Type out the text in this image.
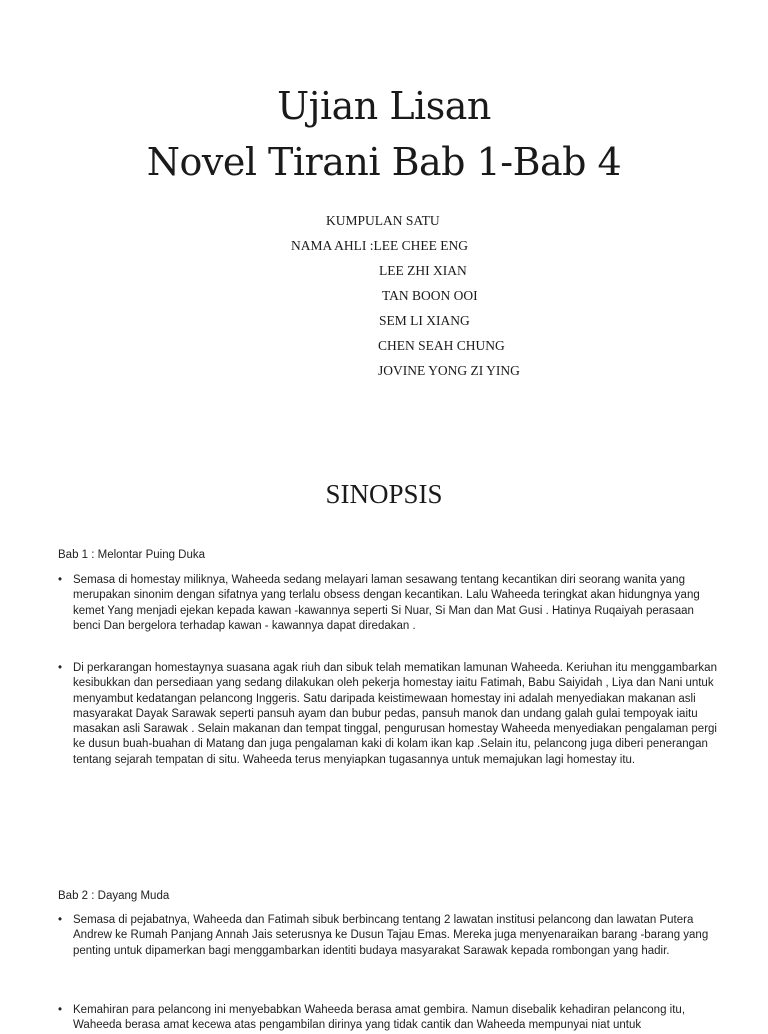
Ujian Lisan
Novel Tirani Bab 1-Bab 4
KUMPULAN SATU
NAMA AHLI :LEE CHEE ENG
LEE ZHI XIAN
TAN BOON OOI
SEM LI XIANG
CHEN SEAH CHUNG
JOVINE YONG ZI YING
SINOPSIS
Bab 1 : Melontar Puing Duka
• Semasa di homestay miliknya, Waheeda sedang melayari laman sesawang tentang kecantikan diri seorang wanita yang merupakan sinonim dengan sifatnya yang terlalu obsess dengan kecantikan. Lalu Waheeda teringkat akan hidungnya yang kemet Yang menjadi ejekan kepada kawan -kawannya seperti Si Nuar, Si Man dan Mat Gusi . Hatinya Ruqaiyah perasaan benci Dan bergelora terhadap kawan - kawannya dapat diredakan .
• Di perkarangan homestaynya suasana agak riuh dan sibuk telah mematikan lamunan Waheeda. Keriuhan itu menggambarkan kesibukkan dan persediaan yang sedang dilakukan oleh pekerja homestay iaitu Fatimah, Babu Saiyidah , Liya dan Nani untuk menyambut kedatangan pelancong Inggeris. Satu daripada keistimewaan homestay ini adalah menyediakan makanan asli masyarakat Dayak Sarawak seperti pansuh ayam dan bubur pedas, pansuh manok dan undang galah gulai tempoyak iaitu masakan asli Sarawak . Selain makanan dan tempat tinggal, pengurusan homestay Waheeda menyediakan pengalaman pergi ke dusun buah-buahan di Matang dan juga pengalaman kaki di kolam ikan kap .Selain itu, pelancong juga diberi penerangan tentang sejarah tempatan di situ. Waheeda terus menyiapkan tugasannya untuk memajukan lagi homestay itu.
Bab 2 : Dayang Muda
• Semasa di pejabatnya, Waheeda dan Fatimah sibuk berbincang tentang 2 lawatan institusi pelancong dan lawatan Putera Andrew ke Rumah Panjang Annah Jais seterusnya ke Dusun Tajau Emas. Mereka juga menyenaraikan barang -barang yang penting untuk dipamerkan bagi menggambarkan identiti budaya masyarakat Sarawak kepada rombongan yang hadir.
• Kemahiran para pelancong ini menyebabkan Waheeda berasa amat gembira. Namun disebalik kehadiran pelancong itu, Waheeda berasa amat kecewa atas pengambilan dirinya yang tidak cantik dan Waheeda mempunyai niat untuk
